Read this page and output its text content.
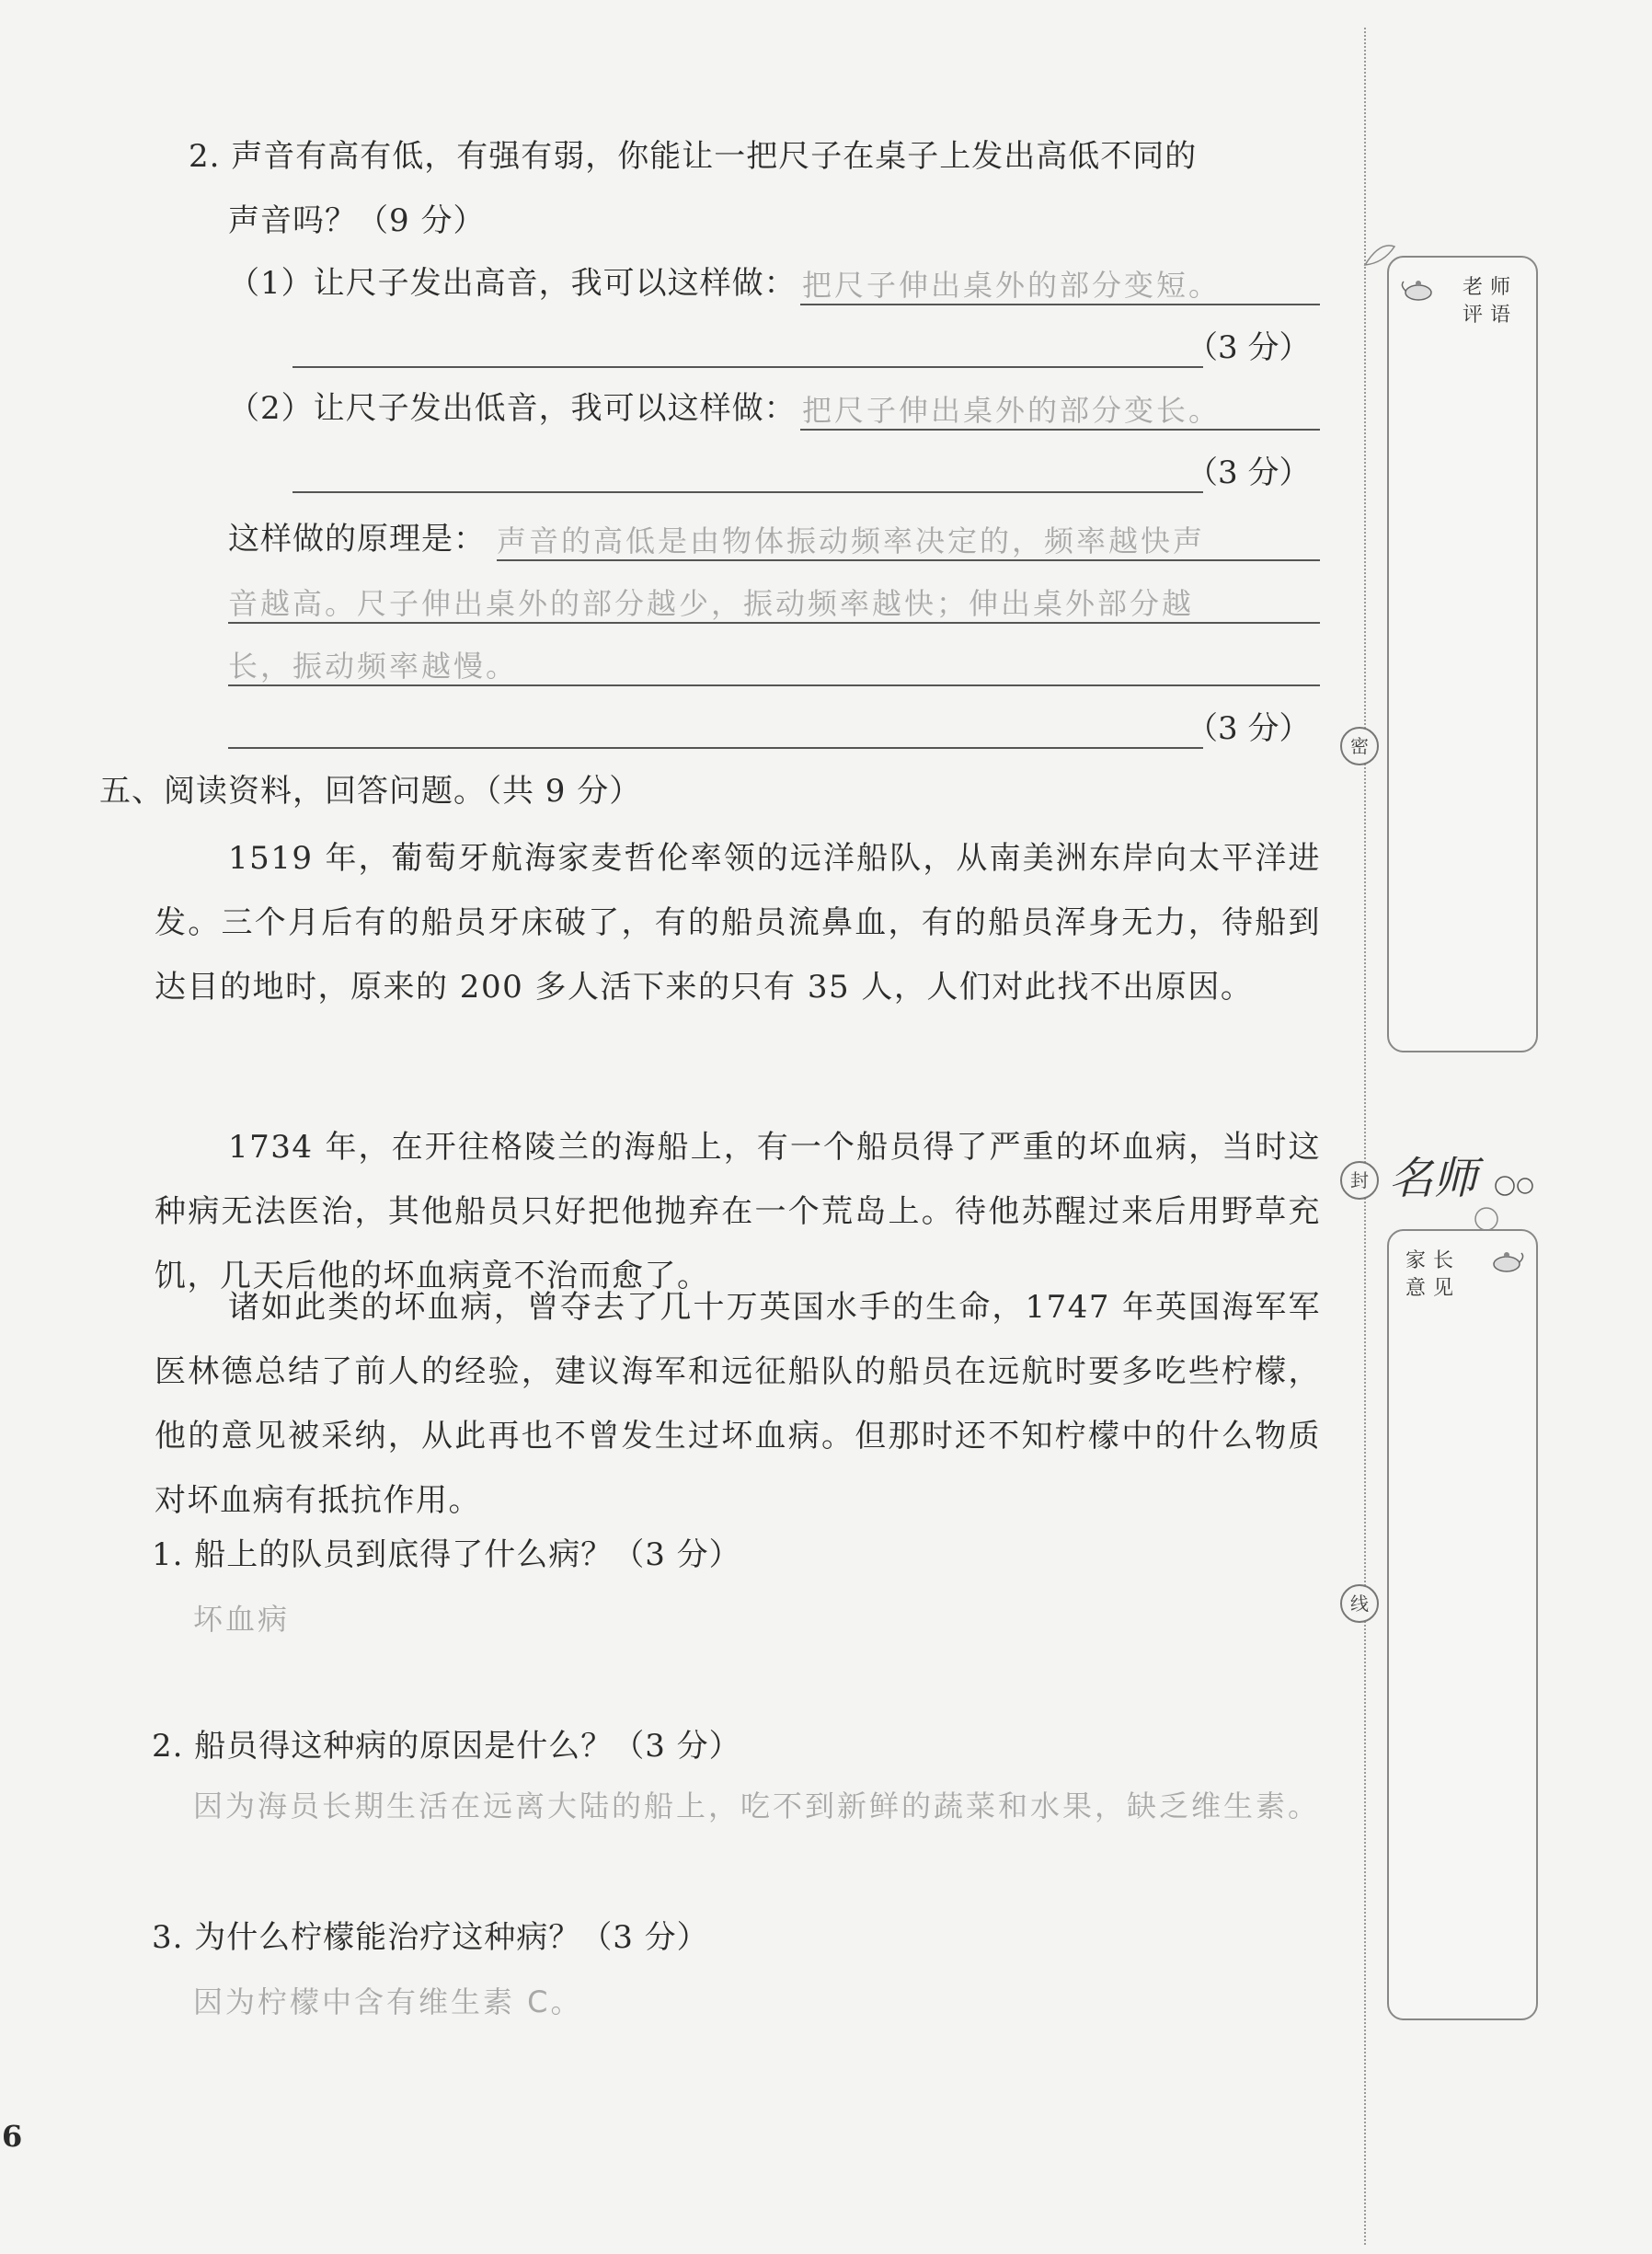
2. 声音有高有低，有强有弱，你能让一把尺子在桌子上发出高低不同的
声音吗？（9 分）
（1）让尺子发出高音，我可以这样做： 把尺子伸出桌外的部分变短。
（3 分）
（2）让尺子发出低音，我可以这样做： 把尺子伸出桌外的部分变长。
（3 分）
这样做的原理是： 声音的高低是由物体振动频率决定的，频率越快声
音越高。尺子伸出桌外的部分越少，振动频率越快；伸出桌外部分越
长，振动频率越慢。
（3 分）
五、阅读资料，回答问题。（共 9 分）
1519 年，葡萄牙航海家麦哲伦率领的远洋船队，从南美洲东岸向太平洋进发。三个月后有的船员牙床破了，有的船员流鼻血，有的船员浑身无力，待船到达目的地时，原来的 200 多人活下来的只有 35 人，人们对此找不出原因。
1734 年，在开往格陵兰的海船上，有一个船员得了严重的坏血病，当时这种病无法医治，其他船员只好把他抛弃在一个荒岛上。待他苏醒过来后用野草充饥，几天后他的坏血病竟不治而愈了。
诸如此类的坏血病，曾夺去了几十万英国水手的生命，1747 年英国海军军医林德总结了前人的经验，建议海军和远征船队的船员在远航时要多吃些柠檬，他的意见被采纳，从此再也不曾发生过坏血病。但那时还不知柠檬中的什么物质对坏血病有抵抗作用。
1. 船上的队员到底得了什么病？（3 分）
坏血病
2. 船员得这种病的原因是什么？（3 分）
因为海员长期生活在远离大陆的船上，吃不到新鲜的蔬菜和水果，缺乏维生素。
3. 为什么柠檬能治疗这种病？（3 分）
因为柠檬中含有维生素 C。
6
密
封
线
老师评语
名师
家长意见
